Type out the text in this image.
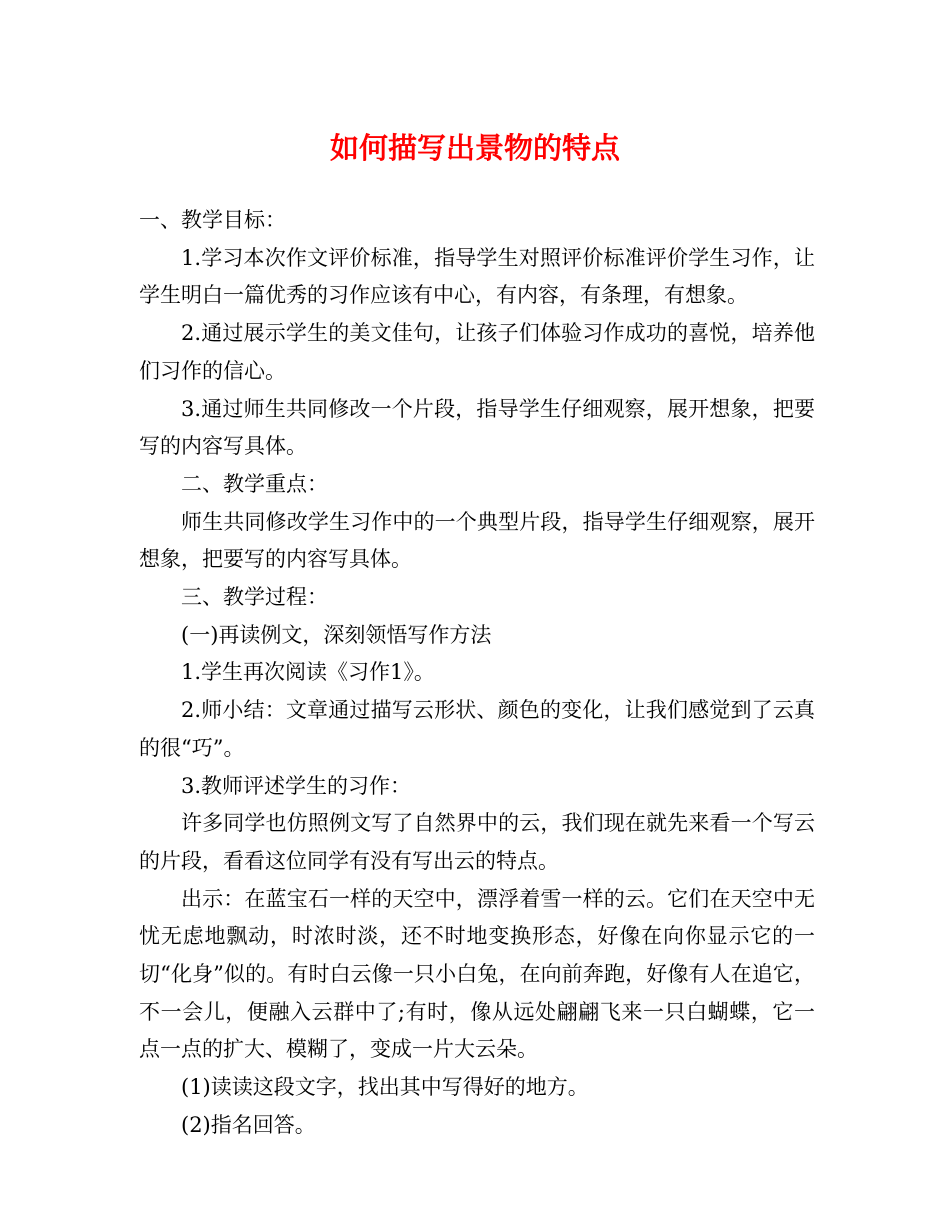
如何描写出景物的特点

一、教学目标：

1.学习本次作文评价标准，指导学生对照评价标准评价学生习作，让学生明白一篇优秀的习作应该有中心，有内容，有条理，有想象。

2.通过展示学生的美文佳句，让孩子们体验习作成功的喜悦，培养他们习作的信心。

3.通过师生共同修改一个片段，指导学生仔细观察，展开想象，把要写的内容写具体。

二、教学重点：

师生共同修改学生习作中的一个典型片段，指导学生仔细观察，展开想象，把要写的内容写具体。

三、教学过程：

(一)再读例文，深刻领悟写作方法

1.学生再次阅读《习作1》。

2.师小结：文章通过描写云形状、颜色的变化，让我们感觉到了云真的很“巧”。

3.教师评述学生的习作：

许多同学也仿照例文写了自然界中的云，我们现在就先来看一个写云的片段，看看这位同学有没有写出云的特点。

出示：在蓝宝石一样的天空中，漂浮着雪一样的云。它们在天空中无忧无虑地飘动，时浓时淡，还不时地变换形态，好像在向你显示它的一切“化身”似的。有时白云像一只小白兔，在向前奔跑，好像有人在追它，不一会儿，便融入云群中了;有时，像从远处翩翩飞来一只白蝴蝶，它一点一点的扩大、模糊了，变成一片大云朵。

(1)读读这段文字，找出其中写得好的地方。

(2)指名回答。
